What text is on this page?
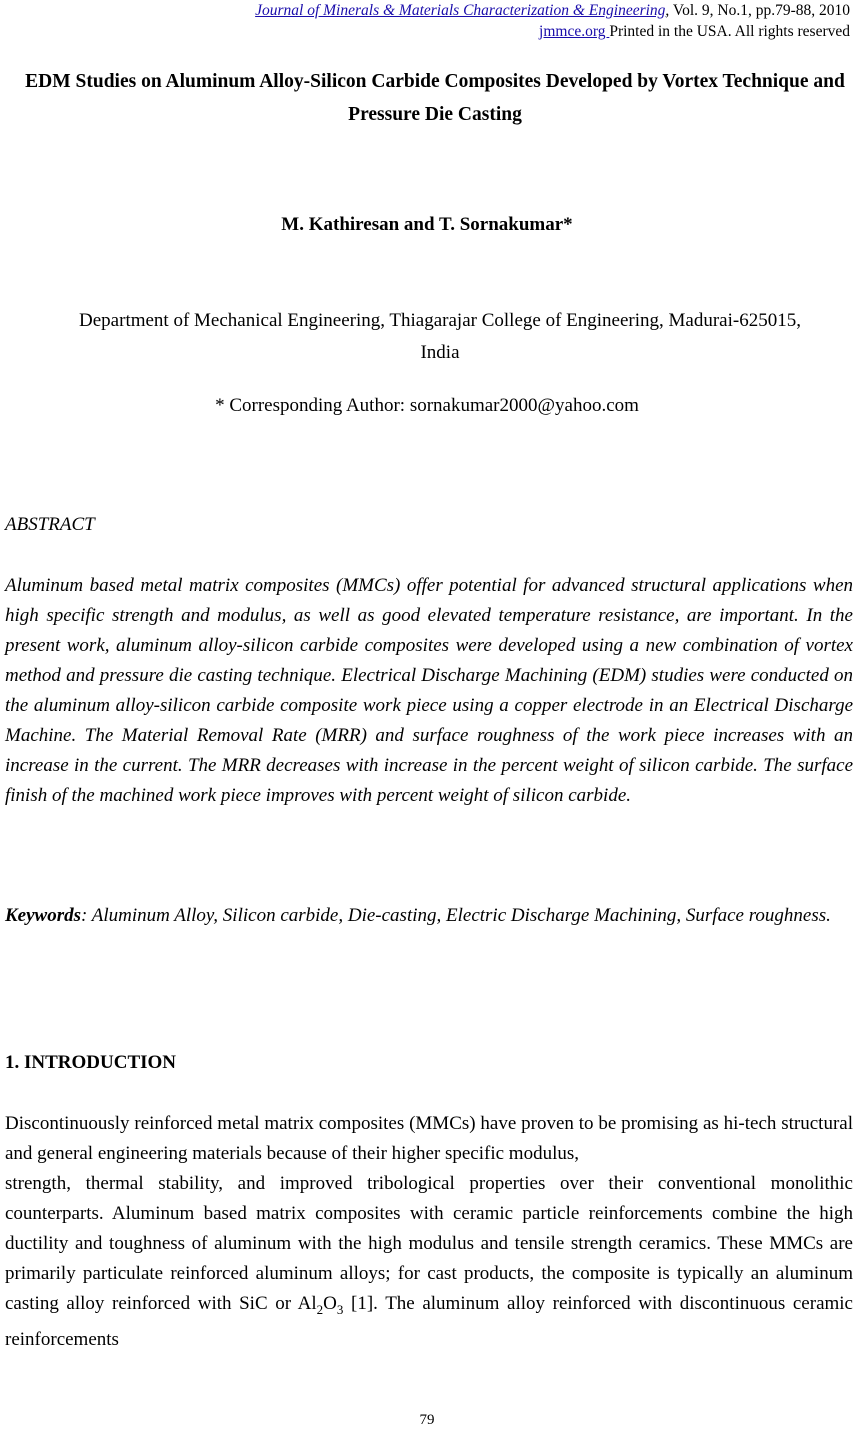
Journal of Minerals & Materials Characterization & Engineering, Vol. 9, No.1, pp.79-88, 2010
jmmce.org Printed in the USA. All rights reserved
EDM Studies on Aluminum Alloy-Silicon Carbide Composites Developed by Vortex Technique and Pressure Die Casting
M. Kathiresan and T. Sornakumar*
Department of Mechanical Engineering, Thiagarajar College of Engineering, Madurai-625015, India
* Corresponding Author: sornakumar2000@yahoo.com
ABSTRACT
Aluminum based metal matrix composites (MMCs) offer potential for advanced structural applications when high specific strength and modulus, as well as good elevated temperature resistance, are important. In the present work, aluminum alloy-silicon carbide composites were developed using a new combination of vortex method and pressure die casting technique. Electrical Discharge Machining (EDM) studies were conducted on the aluminum alloy-silicon carbide composite work piece using a copper electrode in an Electrical Discharge Machine. The Material Removal Rate (MRR) and surface roughness of the work piece increases with an increase in the current. The MRR decreases with increase in the percent weight of silicon carbide. The surface finish of the machined work piece improves with percent weight of silicon carbide.
Keywords: Aluminum Alloy, Silicon carbide, Die-casting, Electric Discharge Machining, Surface roughness.
1. INTRODUCTION
Discontinuously reinforced metal matrix composites (MMCs) have proven to be promising as hi-tech structural and general engineering materials because of their higher specific modulus,
strength, thermal stability, and improved tribological properties over their conventional monolithic counterparts. Aluminum based matrix composites with ceramic particle reinforcements combine the high ductility and toughness of aluminum with the high modulus and tensile strength ceramics. These MMCs are primarily particulate reinforced aluminum alloys; for cast products, the composite is typically an aluminum casting alloy reinforced with SiC or $Al_2O_3$ [1]. The aluminum alloy reinforced with discontinuous ceramic reinforcements
79
